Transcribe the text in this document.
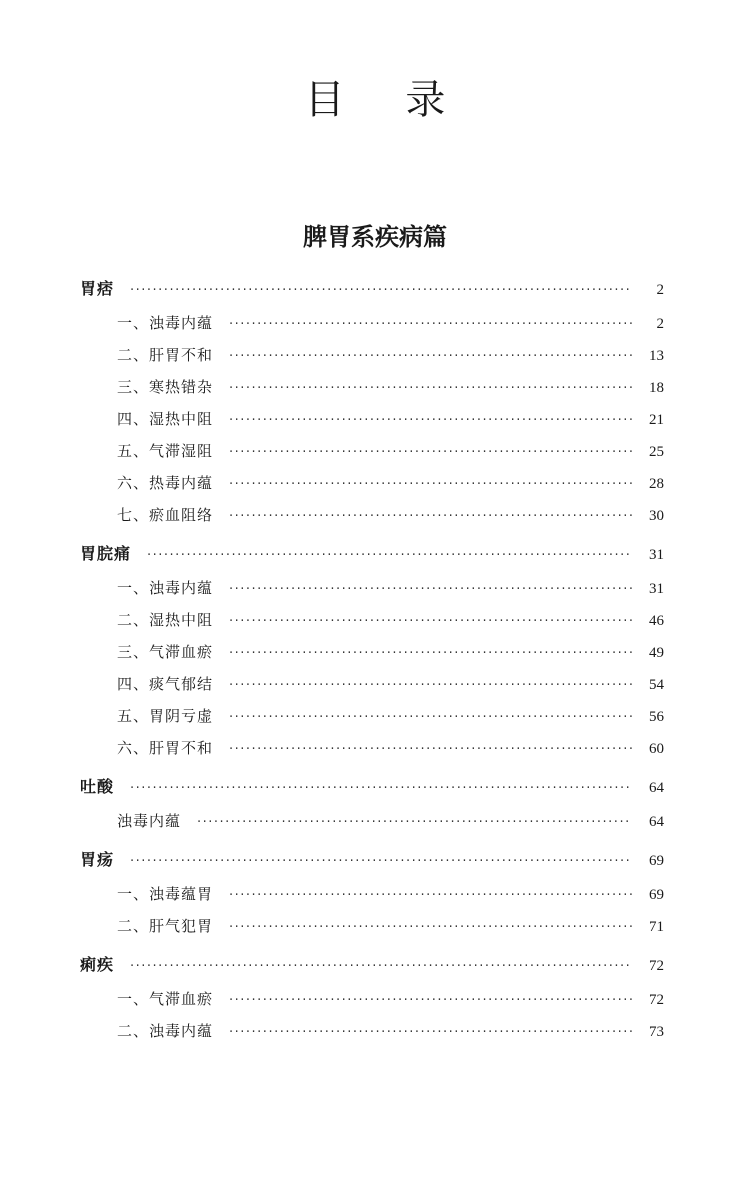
目 录
脾胃系疾病篇
胃痞 ·····	2
一、浊毒内蕴 ·····	2
二、肝胃不和 ·····	13
三、寒热错杂 ·····	18
四、湿热中阻 ·····	21
五、气滞湿阻 ·····	25
六、热毒内蕴 ·····	28
七、瘀血阻络 ·····	30
胃脘痛 ·····	31
一、浊毒内蕴 ·····	31
二、湿热中阻 ·····	46
三、气滞血瘀 ·····	49
四、痰气郁结 ·····	54
五、胃阴亏虚 ·····	56
六、肝胃不和 ·····	60
吐酸 ·····	64
浊毒内蕴 ·····	64
胃疡 ·····	69
一、浊毒蕴胃 ·····	69
二、肝气犯胃 ·····	71
痢疾 ·····	72
一、气滞血瘀 ·····	72
二、浊毒内蕴 ·····	73
